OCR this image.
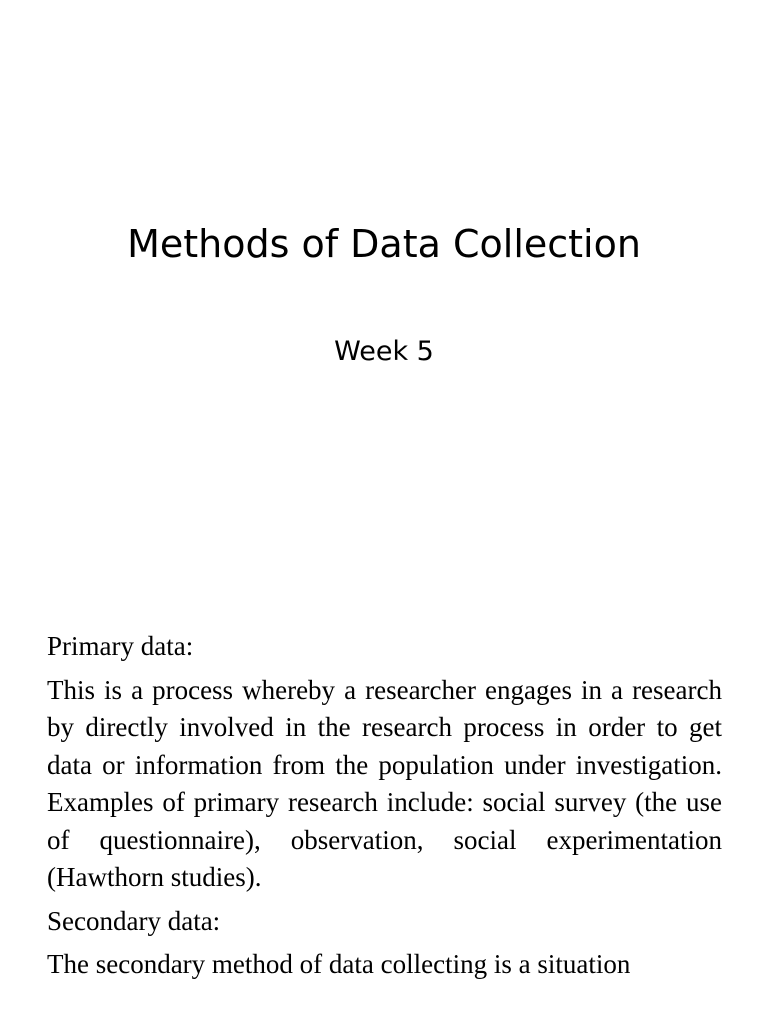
Methods of Data Collection
Week 5

Primary data:

This is a process whereby a researcher engages in a research by directly involved in the research process in order to get data or information from the population under investigation. Examples of primary research include: social survey (the use of questionnaire), observation, social experimentation (Hawthorn studies).

Secondary data:

The secondary method of data collecting is a situation
